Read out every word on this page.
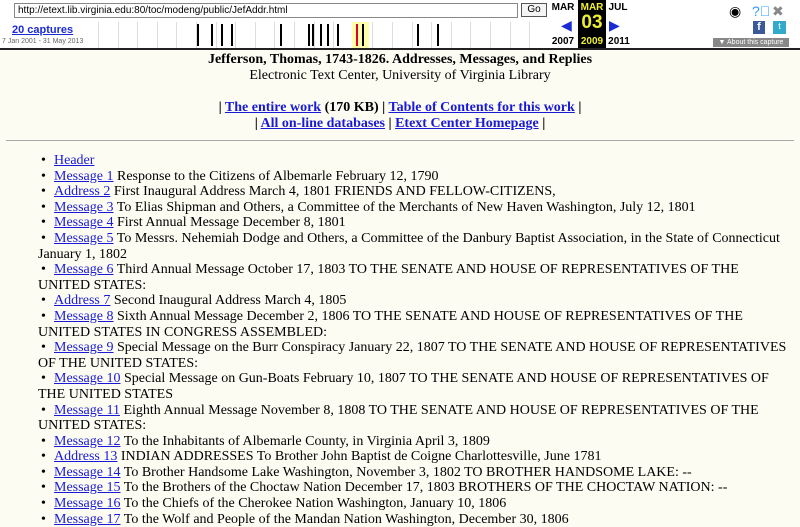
http://etext.lib.virginia.edu:80/toc/modeng/public/JefAddr.html	Go
20 captures
7 Jan 2001 - 31 May 2013
MAR
◀
2007
MAR
03
2009
JUL
▶
2011
◉ ?⃝ ✖
f	t
▼ About this capture
Jefferson, Thomas, 1743-1826. Addresses, Messages, and Replies
Electronic Text Center, University of Virginia Library
| The entire work (170 KB) | Table of Contents for this work |
| All on-line databases | Etext Center Homepage |
• Header
• Message 1 Response to the Citizens of Albemarle February 12, 1790
• Address 2 First Inaugural Address March 4, 1801 FRIENDS AND FELLOW-CITIZENS,
• Message 3 To Elias Shipman and Others, a Committee of the Merchants of New Haven Washington, July 12, 1801
• Message 4 First Annual Message December 8, 1801
• Message 5 To Messrs. Nehemiah Dodge and Others, a Committee of the Danbury Baptist Association, in the State of Connecticut January 1, 1802
• Message 6 Third Annual Message October 17, 1803 TO THE SENATE AND HOUSE OF REPRESENTATIVES OF THE UNITED STATES:
• Address 7 Second Inaugural Address March 4, 1805
• Message 8 Sixth Annual Message December 2, 1806 TO THE SENATE AND HOUSE OF REPRESENTATIVES OF THE UNITED STATES IN CONGRESS ASSEMBLED:
• Message 9 Special Message on the Burr Conspiracy January 22, 1807 TO THE SENATE AND HOUSE OF REPRESENTATIVES OF THE UNITED STATES:
• Message 10 Special Message on Gun-Boats February 10, 1807 TO THE SENATE AND HOUSE OF REPRESENTATIVES OF THE UNITED STATES
• Message 11 Eighth Annual Message November 8, 1808 TO THE SENATE AND HOUSE OF REPRESENTATIVES OF THE UNITED STATES:
• Message 12 To the Inhabitants of Albemarle County, in Virginia April 3, 1809
• Address 13 INDIAN ADDRESSES To Brother John Baptist de Coigne Charlottesville, June 1781
• Message 14 To Brother Handsome Lake Washington, November 3, 1802 TO BROTHER HANDSOME LAKE: --
• Message 15 To the Brothers of the Choctaw Nation December 17, 1803 BROTHERS OF THE CHOCTAW NATION: --
• Message 16 To the Chiefs of the Cherokee Nation Washington, January 10, 1806
• Message 17 To the Wolf and People of the Mandan Nation Washington, December 30, 1806
